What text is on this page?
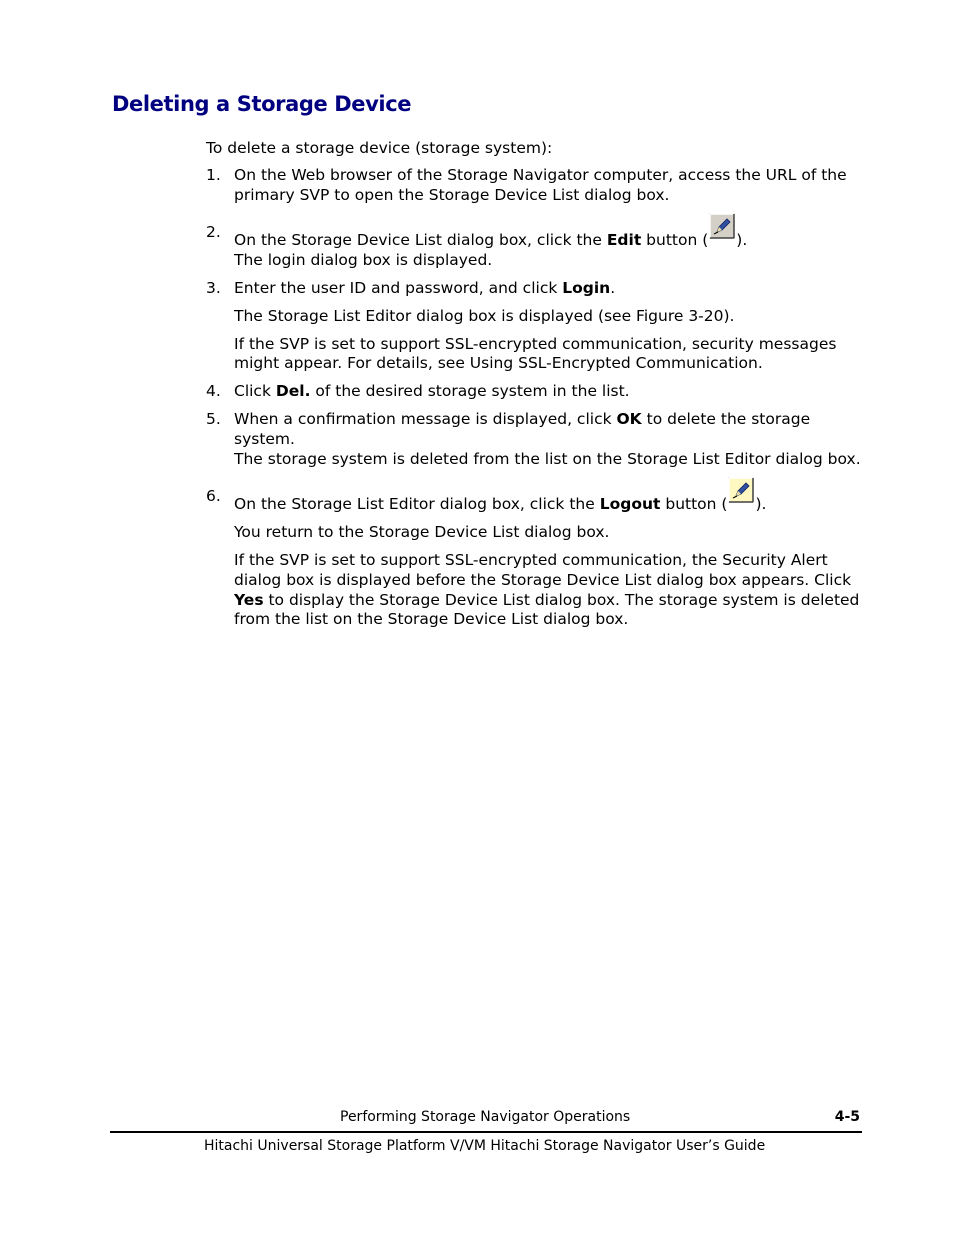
Deleting a Storage Device

To delete a storage device (storage system):

1. On the Web browser of the Storage Navigator computer, access the URL of the primary SVP to open the Storage Device List dialog box.
2. On the Storage Device List dialog box, click the Edit button ( ).
The login dialog box is displayed.
3. Enter the user ID and password, and click Login.

The Storage List Editor dialog box is displayed (see Figure 3-20).

If the SVP is set to support SSL-encrypted communication, security messages might appear. For details, see Using SSL-Encrypted Communication.

4. Click Del. of the desired storage system in the list.
5. When a confirmation message is displayed, click OK to delete the storage system.
The storage system is deleted from the list on the Storage List Editor dialog box.
6. On the Storage List Editor dialog box, click the Logout button ( ).

You return to the Storage Device List dialog box.

If the SVP is set to support SSL-encrypted communication, the Security Alert dialog box is displayed before the Storage Device List dialog box appears. Click Yes to display the Storage Device List dialog box. The storage system is deleted from the list on the Storage Device List dialog box.

Performing Storage Navigator Operations	4-5
Hitachi Universal Storage Platform V/VM Hitachi Storage Navigator User’s Guide
